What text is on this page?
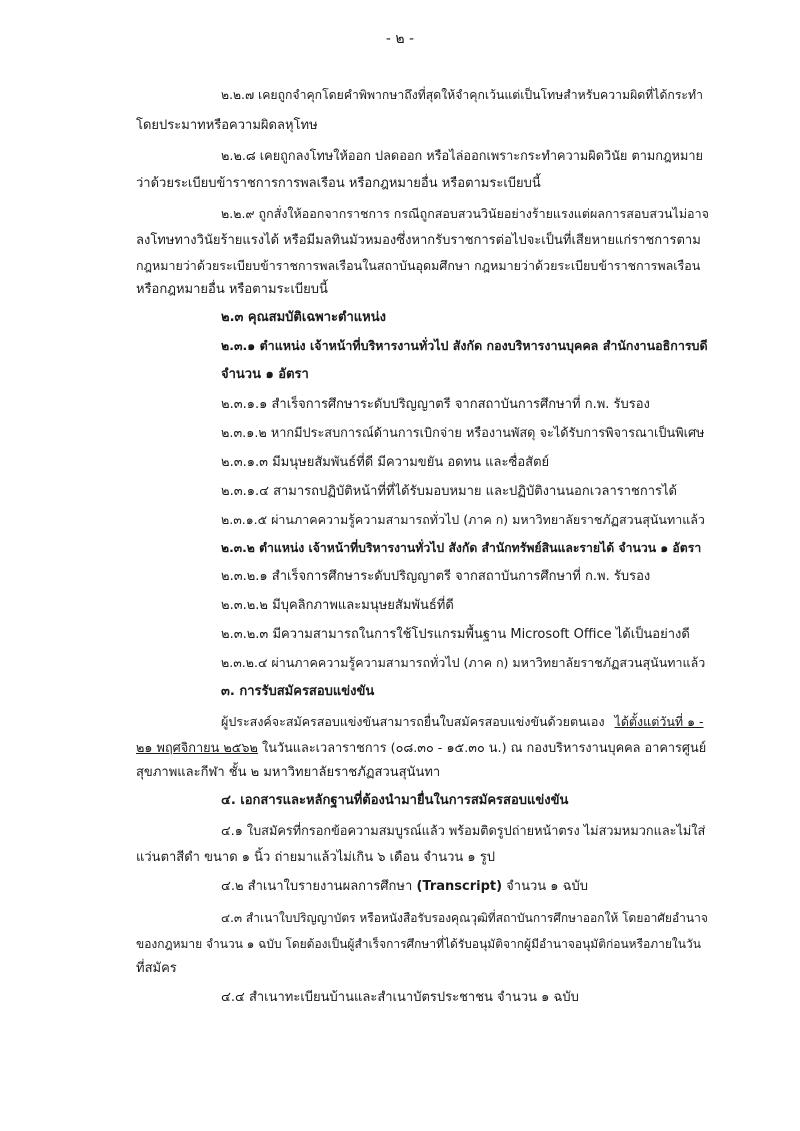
- ๒ -
๒.๒.๗ เคยถูกจำคุกโดยคำพิพากษาถึงที่สุดให้จำคุกเว้นแต่เป็นโทษสำหรับความผิดที่ได้กระทำ
โดยประมาทหรือความผิดลหุโทษ
๒.๒.๘ เคยถูกลงโทษให้ออก ปลดออก หรือไล่ออกเพราะกระทำความผิดวินัย ตามกฎหมาย
ว่าด้วยระเบียบข้าราชการการพลเรือน หรือกฎหมายอื่น หรือตามระเบียบนี้
๒.๒.๙ ถูกสั่งให้ออกจากราชการ กรณีถูกสอบสวนวินัยอย่างร้ายแรงแต่ผลการสอบสวนไม่อาจ
ลงโทษทางวินัยร้ายแรงได้ หรือมีมลทินมัวหมองซึ่งหากรับราชการต่อไปจะเป็นที่เสียหายแก่ราชการตาม
กฎหมายว่าด้วยระเบียบข้าราชการพลเรือนในสถาบันอุดมศึกษา กฎหมายว่าด้วยระเบียบข้าราชการพลเรือน
หรือกฎหมายอื่น หรือตามระเบียบนี้
๒.๓ คุณสมบัติเฉพาะตำแหน่ง
๒.๓.๑ ตำแหน่ง เจ้าหน้าที่บริหารงานทั่วไป สังกัด กองบริหารงานบุคคล สำนักงานอธิการบดี
จำนวน ๑ อัตรา
๒.๓.๑.๑ สำเร็จการศึกษาระดับปริญญาตรี จากสถาบันการศึกษาที่ ก.พ. รับรอง
๒.๓.๑.๒ หากมีประสบการณ์ด้านการเบิกจ่าย หรืองานพัสดุ จะได้รับการพิจารณาเป็นพิเศษ
๒.๓.๑.๓ มีมนุษยสัมพันธ์ที่ดี มีความขยัน อดทน และซื่อสัตย์
๒.๓.๑.๔ สามารถปฏิบัติหน้าที่ที่ได้รับมอบหมาย และปฏิบัติงานนอกเวลาราชการได้
๒.๓.๑.๕ ผ่านภาคความรู้ความสามารถทั่วไป (ภาค ก) มหาวิทยาลัยราชภัฏสวนสุนันทาแล้ว
๒.๓.๒ ตำแหน่ง เจ้าหน้าที่บริหารงานทั่วไป สังกัด สำนักทรัพย์สินและรายได้ จำนวน ๑ อัตรา
๒.๓.๒.๑ สำเร็จการศึกษาระดับปริญญาตรี จากสถาบันการศึกษาที่ ก.พ. รับรอง
๒.๓.๒.๒ มีบุคลิกภาพและมนุษยสัมพันธ์ที่ดี
๒.๓.๒.๓ มีความสามารถในการใช้โปรแกรมพื้นฐาน Microsoft Office ได้เป็นอย่างดี
๒.๓.๒.๔ ผ่านภาคความรู้ความสามารถทั่วไป (ภาค ก) มหาวิทยาลัยราชภัฏสวนสุนันทาแล้ว
๓. การรับสมัครสอบแข่งขัน
ผู้ประสงค์จะสมัครสอบแข่งขันสามารถยื่นใบสมัครสอบแข่งขันด้วยตนเอง ได้ตั้งแต่วันที่ ๑ -
๒๑ พฤศจิกายน ๒๕๖๒ ในวันและเวลาราชการ (๐๘.๓๐ - ๑๕.๓๐ น.) ณ กองบริหารงานบุคคล อาคารศูนย์
สุขภาพและกีฬา ชั้น ๒ มหาวิทยาลัยราชภัฏสวนสุนันทา
๔. เอกสารและหลักฐานที่ต้องนำมายื่นในการสมัครสอบแข่งขัน
๔.๑ ใบสมัครที่กรอกข้อความสมบูรณ์แล้ว พร้อมติดรูปถ่ายหน้าตรง ไม่สวมหมวกและไม่ใส่
แว่นตาสีดำ ขนาด ๑ นิ้ว ถ่ายมาแล้วไม่เกิน ๖ เดือน จำนวน ๑ รูป
๔.๒ สำเนาใบรายงานผลการศึกษา (Transcript) จำนวน ๑ ฉบับ
๔.๓ สำเนาใบปริญญาบัตร หรือหนังสือรับรองคุณวุฒิที่สถาบันการศึกษาออกให้ โดยอาศัยอำนาจ
ของกฎหมาย จำนวน ๑ ฉบับ โดยต้องเป็นผู้สำเร็จการศึกษาที่ได้รับอนุมัติจากผู้มีอำนาจอนุมัติก่อนหรือภายในวัน
ที่สมัคร
๔.๔ สำเนาทะเบียนบ้านและสำเนาบัตรประชาชน จำนวน ๑ ฉบับ
